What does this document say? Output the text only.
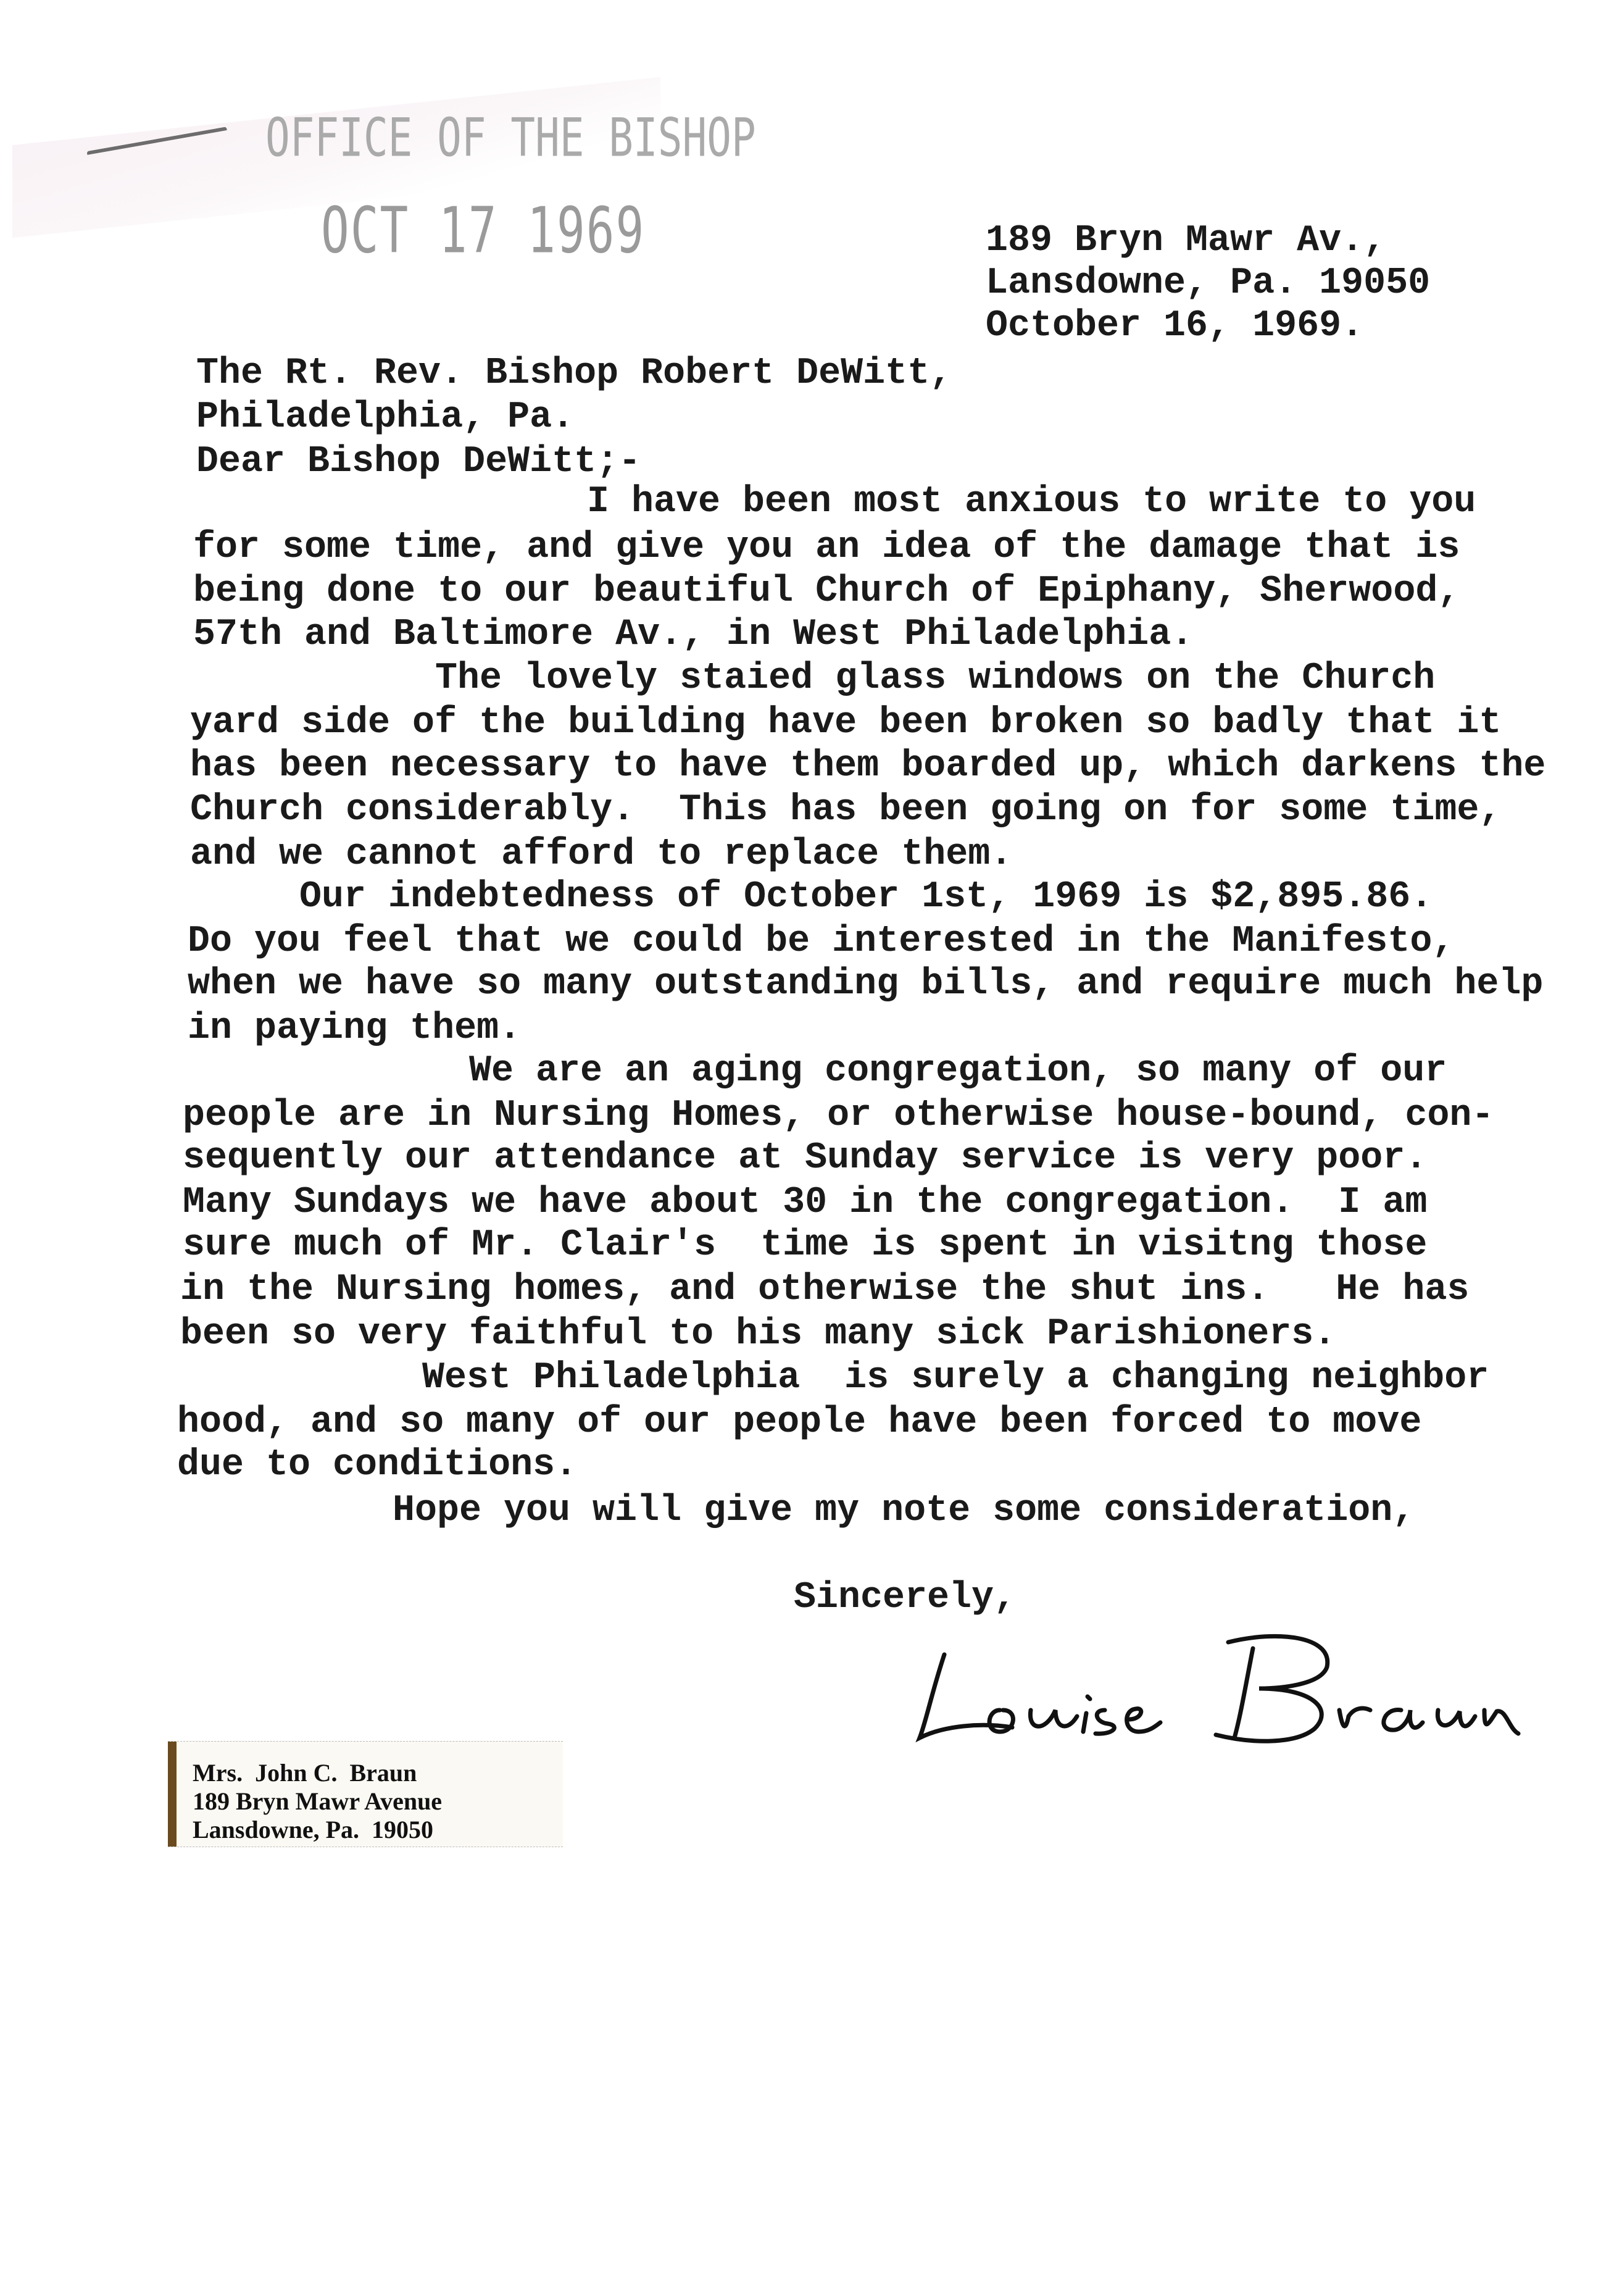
OFFICE OF THE BISHOP
OCT 17 1969	189 Bryn Mawr Av.,
Lansdowne, Pa. 19050
October 16, 1969.
The Rt. Rev. Bishop Robert DeWitt,
Philadelphia, Pa.
Dear Bishop DeWitt;-
I have been most anxious to write to you
for some time, and give you an idea of the damage that is
being done to our beautiful Church of Epiphany, Sherwood,
57th and Baltimore Av., in West Philadelphia.
The lovely staied glass windows on the Church
yard side of the building have been broken so badly that it
has been necessary to have them boarded up, which darkens the
Church considerably.  This has been going on for some time,
and we cannot afford to replace them.
Our indebtedness of October 1st, 1969 is $2,895.86.
Do you feel that we could be interested in the Manifesto,
when we have so many outstanding bills, and require much help
in paying them.
We are an aging congregation, so many of our
people are in Nursing Homes, or otherwise house-bound, con-
sequently our attendance at Sunday service is very poor.
Many Sundays we have about 30 in the congregation.  I am
sure much of Mr. Clair's  time is spent in visitng those
in the Nursing homes, and otherwise the shut ins.   He has
been so very faithful to his many sick Parishioners.
West Philadelphia  is surely a changing neighbor
hood, and so many of our people have been forced to move
due to conditions.
Hope you will give my note some consideration,
Sincerely,
Mrs.  John C.  Braun
189 Bryn Mawr Avenue
Lansdowne, Pa.  19050
